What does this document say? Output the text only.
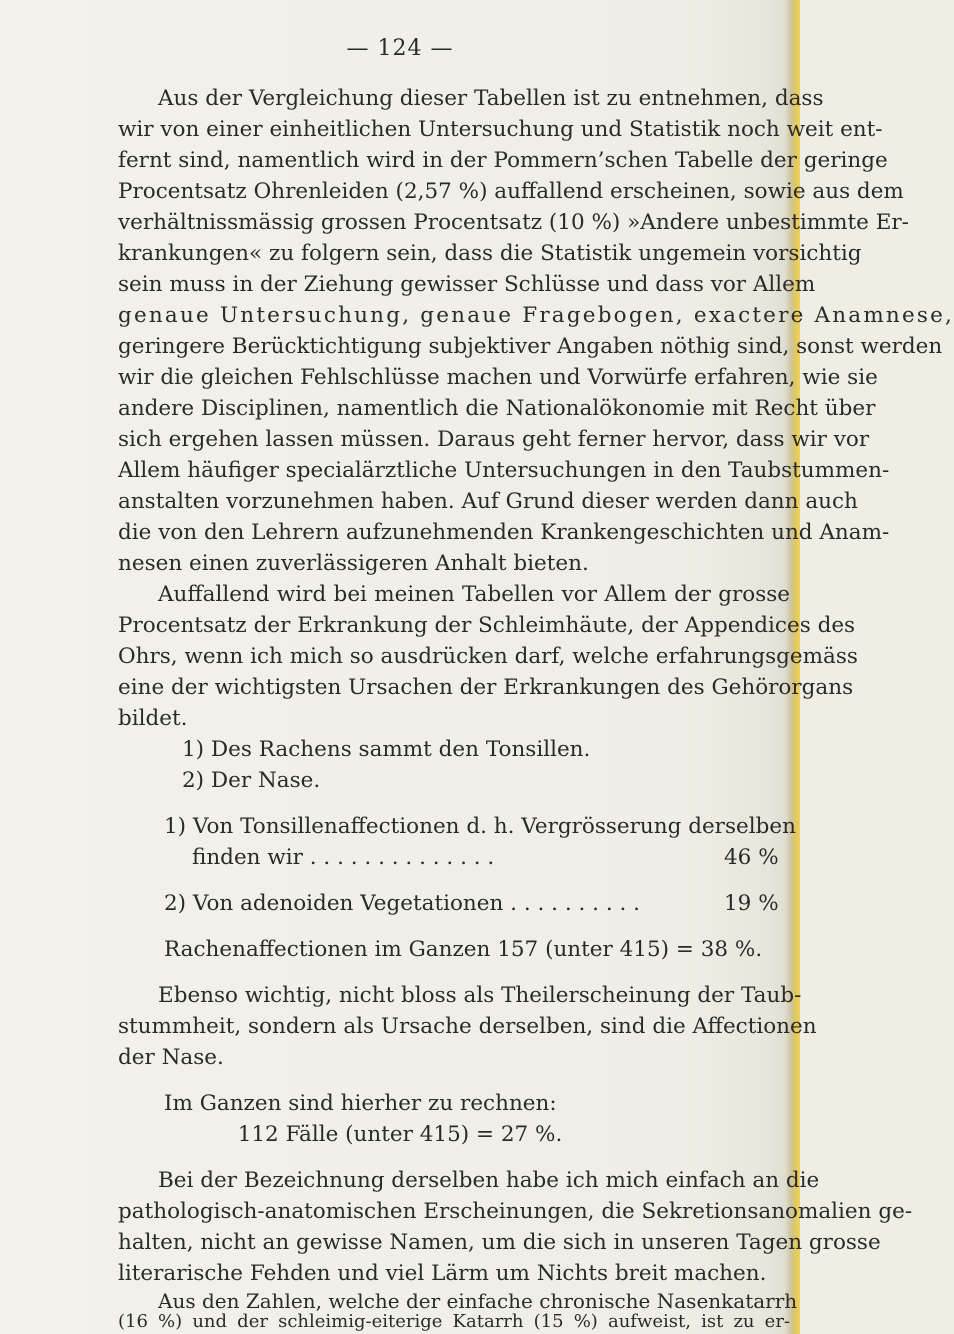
— 124 —
Aus der Vergleichung dieser Tabellen ist zu entnehmen, dass
wir von einer einheitlichen Untersuchung und Statistik noch weit ent-
fernt sind, namentlich wird in der Pommern’schen Tabelle der geringe
Procentsatz Ohrenleiden (2,57 %) auffallend erscheinen, sowie aus dem
verhältnissmässig grossen Procentsatz (10 %) »Andere unbestimmte Er-
krankungen« zu folgern sein, dass die Statistik ungemein vorsichtig
sein muss in der Ziehung gewisser Schlüsse und dass vor Allem
genaue Untersuchung, genaue Fragebogen, exactere Anamnese,
geringere Berücktichtigung subjektiver Angaben nöthig sind, sonst werden
wir die gleichen Fehlschlüsse machen und Vorwürfe erfahren, wie sie
andere Disciplinen, namentlich die Nationalökonomie mit Recht über
sich ergehen lassen müssen. Daraus geht ferner hervor, dass wir vor
Allem häufiger specialärztliche Untersuchungen in den Taubstummen-
anstalten vorzunehmen haben. Auf Grund dieser werden dann auch
die von den Lehrern aufzunehmenden Krankengeschichten und Anam-
nesen einen zuverlässigeren Anhalt bieten.
Auffallend wird bei meinen Tabellen vor Allem der grosse
Procentsatz der Erkrankung der Schleimhäute, der Appendices des
Ohrs, wenn ich mich so ausdrücken darf, welche erfahrungsgemäss
eine der wichtigsten Ursachen der Erkrankungen des Gehörorgans
bildet.
1) Des Rachens sammt den Tonsillen.
2) Der Nase.
1) Von Tonsillenaffectionen d. h. Vergrösserung derselben
finden wir . . . . . . . . . . . . . .	46 %
2) Von adenoiden Vegetationen . . . . . . . . . .	19 %
Rachenaffectionen im Ganzen 157 (unter 415) = 38 %.
Ebenso wichtig, nicht bloss als Theilerscheinung der Taub-
stummheit, sondern als Ursache derselben, sind die Affectionen
der Nase.
Im Ganzen sind hierher zu rechnen:
112 Fälle (unter 415) = 27 %.
Bei der Bezeichnung derselben habe ich mich einfach an die
pathologisch-anatomischen Erscheinungen, die Sekretionsanomalien ge-
halten, nicht an gewisse Namen, um die sich in unseren Tagen grosse
literarische Fehden und viel Lärm um Nichts breit machen.
Aus den Zahlen, welche der einfache chronische Nasenkatarrh
(16 %) und der schleimig-eiterige Katarrh (15 %) aufweist, ist zu er-
sehen, welche Wichtigkeit dieses Stiefkind der Therapie einnimmt. Es ist gerade dieser Affection nirgends ihr gebührendes Recht eingeräumt.
